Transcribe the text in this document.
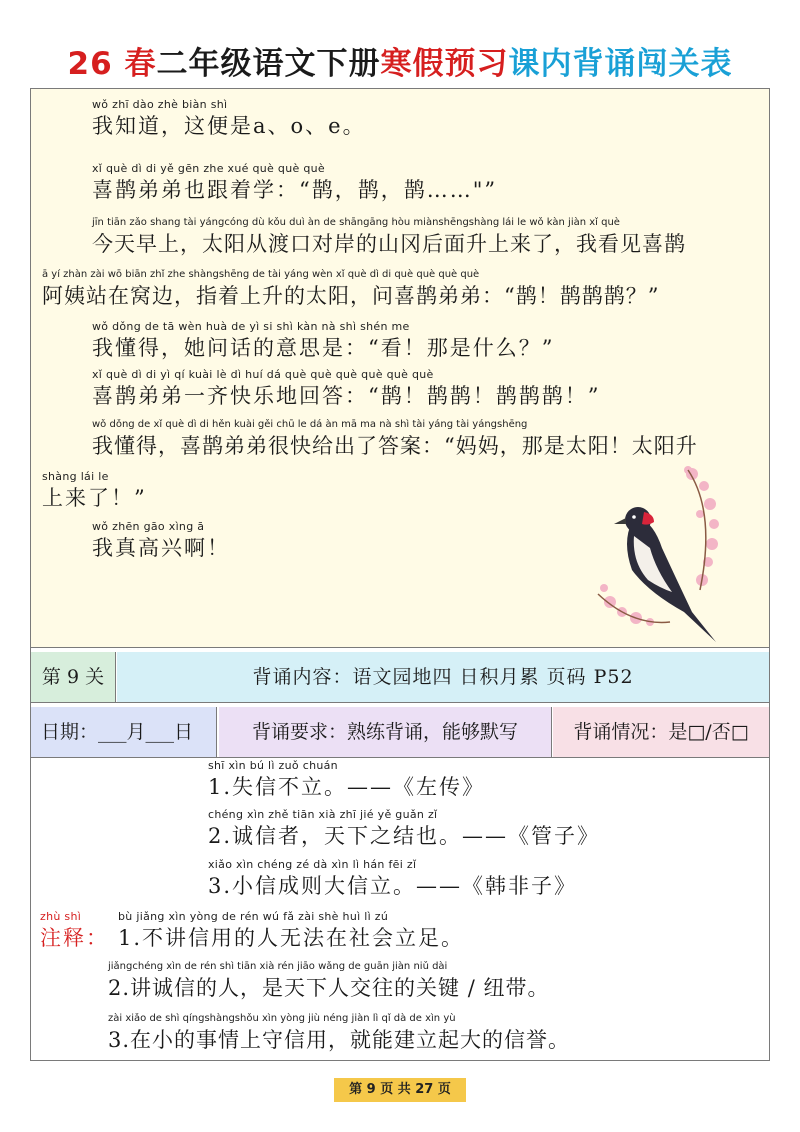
26 春二年级语文下册寒假预习课内背诵闯关表
wǒ zhī dào zhè biàn shì
我知道，这便是a、o、e。
xǐ què dì di yě gēn zhe xué què què què
喜鹊弟弟也跟着学：“鹊，鹊，鹊……"”
jīn tiān zǎo shang tài yángcóng dù kǒu duì àn de shāngāng hòu miànshēngshàng lái le wǒ kàn jiàn xǐ què
今天早上，太阳从渡口对岸的山冈后面升上来了，我看见喜鹊
ā yí zhàn zài wō biān zhǐ zhe shàngshēng de tài yáng wèn xǐ què dì di què què què què
阿姨站在窝边，指着上升的太阳，问喜鹊弟弟：“鹊！鹊鹊鹊？”
wǒ dǒng de tā wèn huà de yì si shì kàn nà shì shén me
我懂得，她问话的意思是：“看！那是什么？”
xǐ què dì di yì qí kuài lè dì huí dá què què què què què què
喜鹊弟弟一齐快乐地回答：“鹊！鹊鹊！鹊鹊鹊！”
wǒ dǒng de xǐ què dì di hěn kuài gěi chū le dá àn mā ma nà shì tài yáng tài yángshēng
我懂得，喜鹊弟弟很快给出了答案：“妈妈，那是太阳！太阳升
shàng lái le
上来了！”
wǒ zhēn gāo xìng ā
我真高兴啊！
第 9 关	背诵内容：语文园地四 日积月累 页码 P52
日期：___月___日	背诵要求：熟练背诵，能够默写	背诵情况：是□/否□
shī xìn bú lì zuǒ chuán
1.失信不立。——《左传》
chéng xìn zhě tiān xià zhī jié yě guǎn zǐ
2.诚信者，天下之结也。——《管子》
xiǎo xìn chéng zé dà xìn lì hán fēi zǐ
3.小信成则大信立。——《韩非子》
zhù shì
注释：
bù jiǎng xìn yòng de rén wú fǎ zài shè huì lì zú
1.不讲信用的人无法在社会立足。
jiǎngchéng xìn de rén shì tiān xià rén jiāo wǎng de guān jiàn niǔ dài
2.讲诚信的人，是天下人交往的关键 / 纽带。
zài xiǎo de shì qíngshàngshǒu xìn yòng jiù néng jiàn lì qǐ dà de xìn yù
3.在小的事情上守信用，就能建立起大的信誉。
第 9 页 共 27 页
